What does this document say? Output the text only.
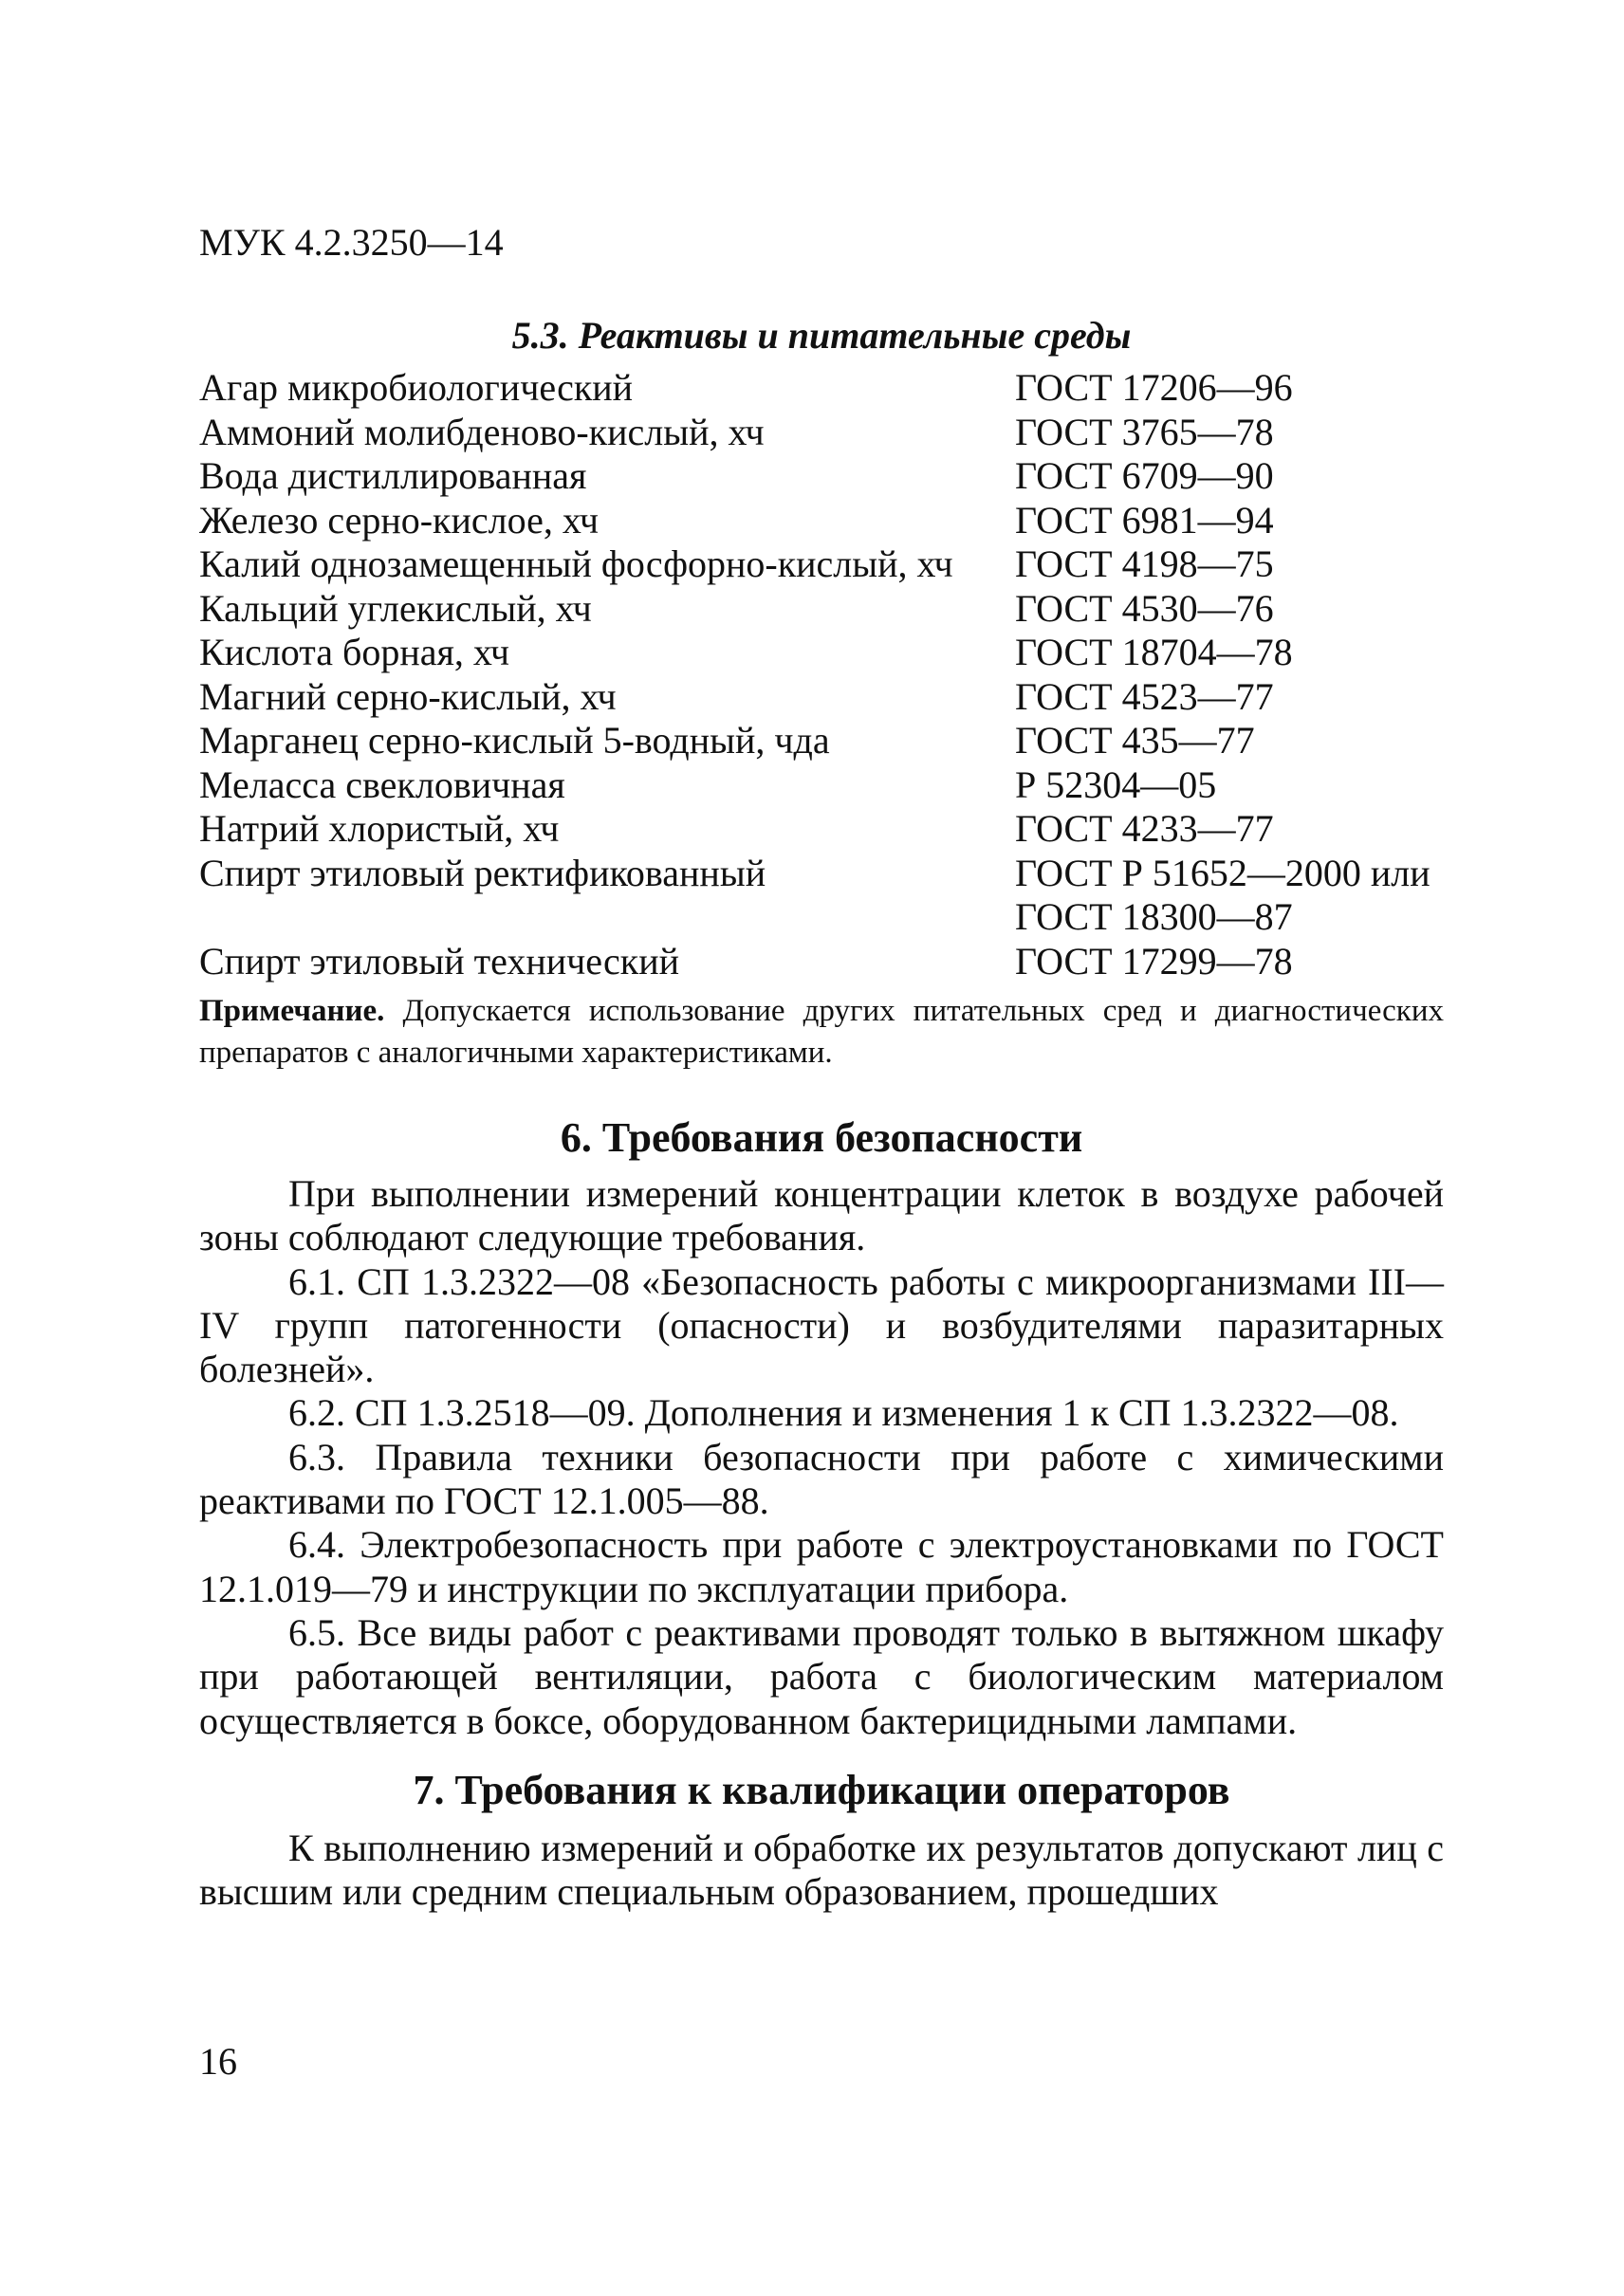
МУК 4.2.3250—14
5.3. Реактивы и питательные среды
Агар микробиологический	ГОСТ 17206—96
Аммоний молибденово-кислый, хч	ГОСТ 3765—78
Вода дистиллированная	ГОСТ 6709—90
Железо серно-кислое, хч	ГОСТ 6981—94
Калий однозамещенный фосфорно-кислый, хч	ГОСТ 4198—75
Кальций углекислый, хч	ГОСТ 4530—76
Кислота борная, хч	ГОСТ 18704—78
Магний серно-кислый, хч	ГОСТ 4523—77
Марганец серно-кислый 5-водный, чда	ГОСТ 435—77
Меласса свекловичная	Р 52304—05
Натрий хлористый, хч	ГОСТ 4233—77
Спирт этиловый ректификованный	ГОСТ Р 51652—2000 или
ГОСТ 18300—87
Спирт этиловый технический	ГОСТ 17299—78
Примечание. Допускается использование других питательных сред и диагностических препаратов с аналогичными характеристиками.
6. Требования безопасности

При выполнении измерений концентрации клеток в воздухе рабочей зоны соблюдают следующие требования.

6.1. СП 1.3.2322—08 «Безопасность работы с микроорганизмами III—IV групп патогенности (опасности) и возбудителями паразитарных болезней».

6.2. СП 1.3.2518—09. Дополнения и изменения 1 к СП 1.3.2322—08.

6.3. Правила техники безопасности при работе с химическими реактивами по ГОСТ 12.1.005—88.

6.4. Электробезопасность при работе с электроустановками по ГОСТ 12.1.019—79 и инструкции по эксплуатации прибора.

6.5. Все виды работ с реактивами проводят только в вытяжном шкафу при работающей вентиляции, работа с биологическим материалом осуществляется в боксе, оборудованном бактерицидными лампами.

7. Требования к квалификации операторов

К выполнению измерений и обработке их результатов допускают лиц с высшим или средним специальным образованием, прошедших

16
